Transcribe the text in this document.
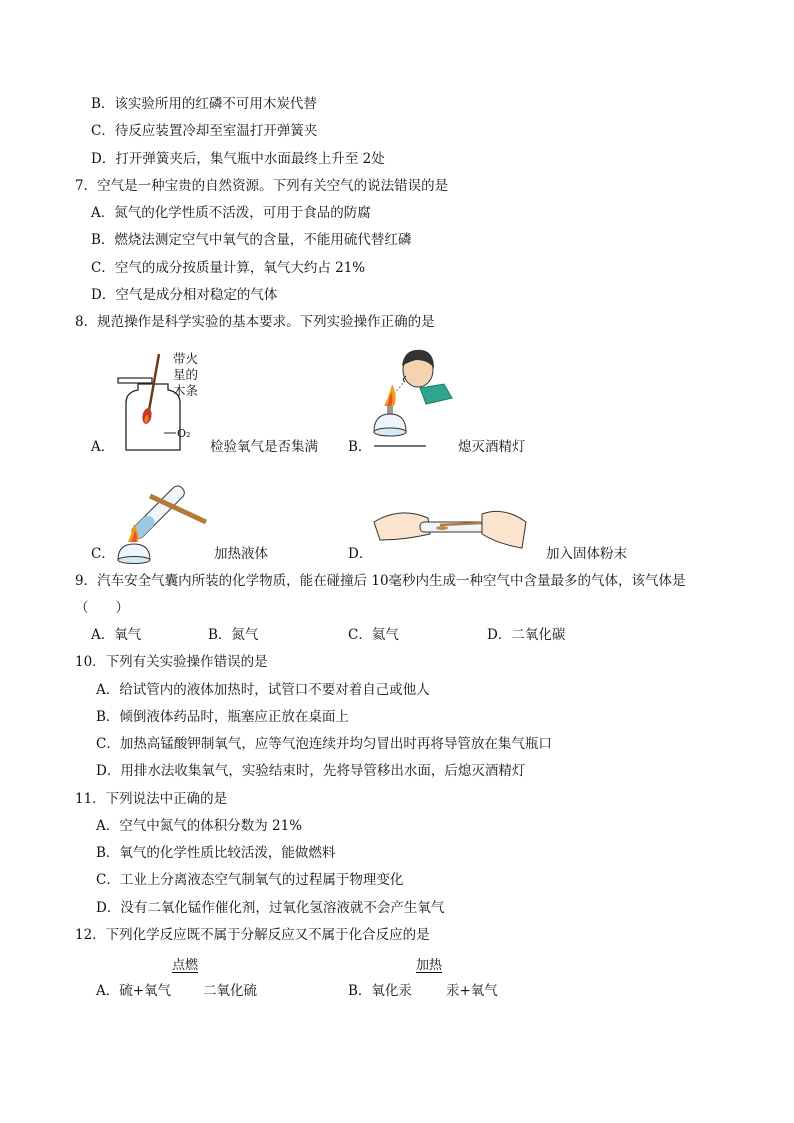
B．该实验所用的红磷不可用木炭代替
C．待反应装置冷却至室温打开弹簧夹
D．打开弹簧夹后，集气瓶中水面最终上升至 2处
7．空气是一种宝贵的自然资源。下列有关空气的说法错误的是
A．氮气的化学性质不活泼，可用于食品的防腐
B．燃烧法测定空气中氧气的含量，不能用硫代替红磷
C．空气的成分按质量计算，氧气大约占 21%
D．空气是成分相对稳定的气体
8．规范操作是科学实验的基本要求。下列实验操作正确的是
A．
带火
星的
木条
O₂
检验氧气是否集满 B．	熄灭酒精灯
C．	加热液体	D．	加入固体粉末
9．汽车安全气囊内所装的化学物质，能在碰撞后 10毫秒内生成一种空气中含量最多的气体，该气体是
（　　）
A．氧气	B．氮气	C．氦气	D．二氧化碳
10．下列有关实验操作错误的是
A．给试管内的液体加热时，试管口不要对着自己或他人
B．倾倒液体药品时，瓶塞应正放在桌面上
C．加热高锰酸钾制氧气，应等气泡连续并均匀冒出时再将导管放在集气瓶口
D．用排水法收集氧气，实验结束时，先将导管移出水面，后熄灭酒精灯
11．下列说法中正确的是
A．空气中氮气的体积分数为 21%
B．氧气的化学性质比较活泼，能做燃料
C．工业上分离液态空气制氧气的过程属于物理变化
D．没有二氧化锰作催化剂，过氧化氢溶液就不会产生氧气
12．下列化学反应既不属于分解反应又不属于化合反应的是
点燃	加热
A．硫+氧气 二氧化硫	B．氧化汞	汞+氧气
